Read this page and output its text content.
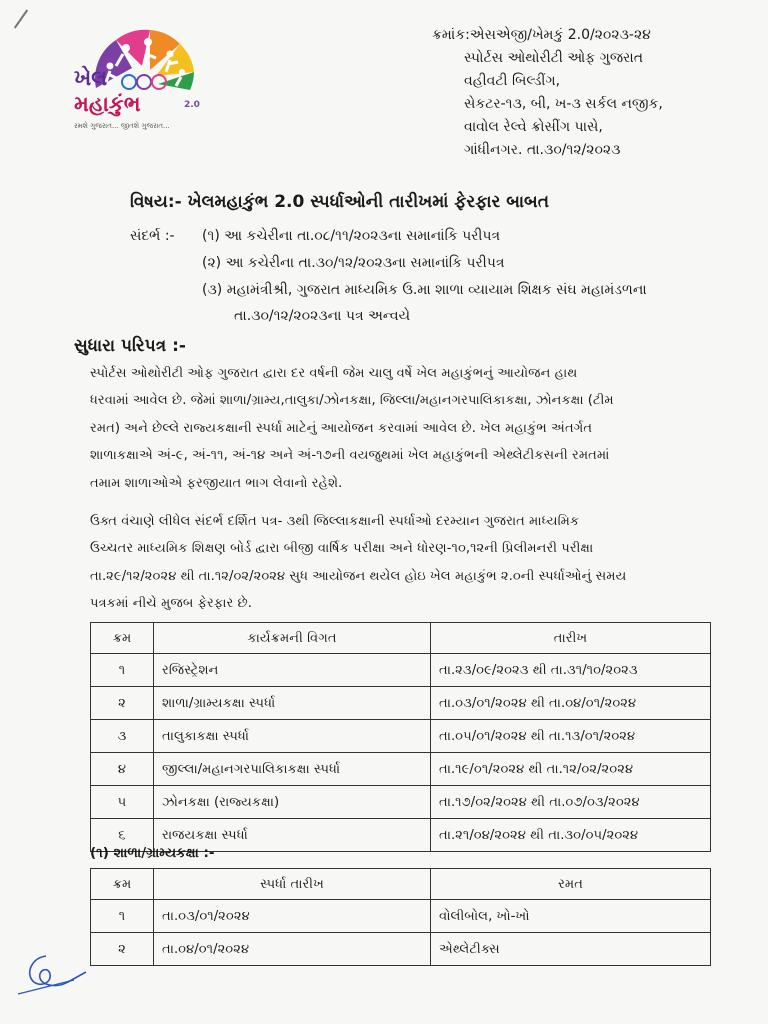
ખેલ
મહાકુંભ	2.0
રમશે ગુજરાત... જીતશે ગુજરાત...
ક્રમાંક:એસએજી/ખેમકું 2.0/૨૦૨૩-૨૪
સ્પોર્ટસ ઓથોરીટી ઓફ ગુજરાત
વહીવટી બિલ્ડીંગ,
સેકટર-૧૩, બી, ખ-૩ સર્કલ નજીક,
વાવોલ રેલ્વે ક્રોસીંગ પાસે,
ગાંધીનગર. તા.૩૦/૧૨/૨૦૨૩
વિષય:- ખેલમહાકુંભ 2.0 સ્પર્ધાઓની તારીખમાં ફેરફાર બાબત
સંદર્ભ :- (૧) આ કચેરીના તા.૦૮/૧૧/૨૦૨૩ના સમાનાંકિ પરીપત્ર
(૨) આ કચેરીના તા.૩૦/૧૨/૨૦૨૩ના સમાનાંકિ પરીપત્ર
(૩) મહામંત્રીશ્રી, ગુજરાત માધ્યમિક ઉ.મા શાળા વ્યાયામ શિક્ષક સંઘ મહામંડળના
તા.૩૦/૧૨/૨૦૨૩ના પત્ર અન્વયે
સુધારા પરિપત્ર :-
સ્પોર્ટસ ઓથોરીટી ઓફ ગુજરાત દ્વારા દર વર્ષની જેમ ચાલુ વર્ષે ખેલ મહાકુંભનું આયોજન હાથ
ધરવામાં આવેલ છે. જેમાં શાળા/ગ્રામ્ય,તાલુકા/ઝોનકક્ષા, જિલ્લા/મહાનગરપાલિકાકક્ષા, ઝોનકક્ષા (ટીમ
રમત) અને છેલ્લે રાજ્યકક્ષાની સ્પર્ધા માટેનું આયોજન કરવામાં આવેલ છે. ખેલ મહાકુંભ અંતર્ગત
શાળાકક્ષાએ અં-૯, અં-૧૧, અં-૧૪ અને અં-૧૭ની વયજુથમાં ખેલ મહાકુંભની એથ્લેટીકસની રમતમાં
તમામ શાળાઓએ ફરજીયાત ભાગ લેવાનો રહેશે.
ઉક્ત વંચાણે લીધેલ સંદર્ભ દર્શિત પત્ર- ૩થી જિલ્લાકક્ષાની સ્પર્ધાઓ દરમ્યાન ગુજરાત માધ્યમિક
ઉચ્ચતર માધ્યમિક શિક્ષણ બોર્ડ દ્વારા બીજી વાર્ષિક પરીક્ષા અને ધોરણ-૧૦,૧૨ની પ્રિલીમનરી પરીક્ષા
તા.૨૯/૧૨/૨૦૨૪ થી તા.૧૨/૦૨/૨૦૨૪ સુધ આયોજન થયેલ હોઇ ખેલ મહાકુંભ ૨.૦ની સ્પર્ધાઓનું સમય
પત્રકમાં નીચે મુજબ ફેરફાર છે.
ક્રમ	કાર્યક્રમની વિગત	તારીખ
૧	રજિસ્ટ્રેશન	તા.૨૩/૦૯/૨૦૨૩ થી તા.૩૧/૧૦/૨૦૨૩
૨	શાળા/ગ્રામ્યકક્ષા સ્પર્ધા	તા.૦૩/૦૧/૨૦૨૪ થી તા.૦૪/૦૧/૨૦૨૪
૩	તાલુકાકક્ષા સ્પર્ધા	તા.૦૫/૦૧/૨૦૨૪ થી તા.૧૩/૦૧/૨૦૨૪
૪	જીલ્લા/મહાનગરપાલિકાકક્ષા સ્પર્ધા	તા.૧૯/૦૧/૨૦૨૪ થી તા.૧૨/૦૨/૨૦૨૪
૫	ઝોનકક્ષા (રાજ્યકક્ષા)	તા.૧૭/૦૨/૨૦૨૪ થી તા.૦૭/૦૩/૨૦૨૪
૬	રાજયકક્ષા સ્પર્ધા	તા.૨૧/૦૪/૨૦૨૪ થી તા.૩૦/૦૫/૨૦૨૪
(૧) શાળા/ગ્રામ્યકક્ષા :-
ક્રમ	સ્પર્ધા તારીખ	રમત
૧	તા.૦૩/૦૧/૨૦૨૪	વોલીબોલ, ખો-ખો
૨	તા.૦૪/૦૧/૨૦૨૪	એથ્લેટીક્સ
